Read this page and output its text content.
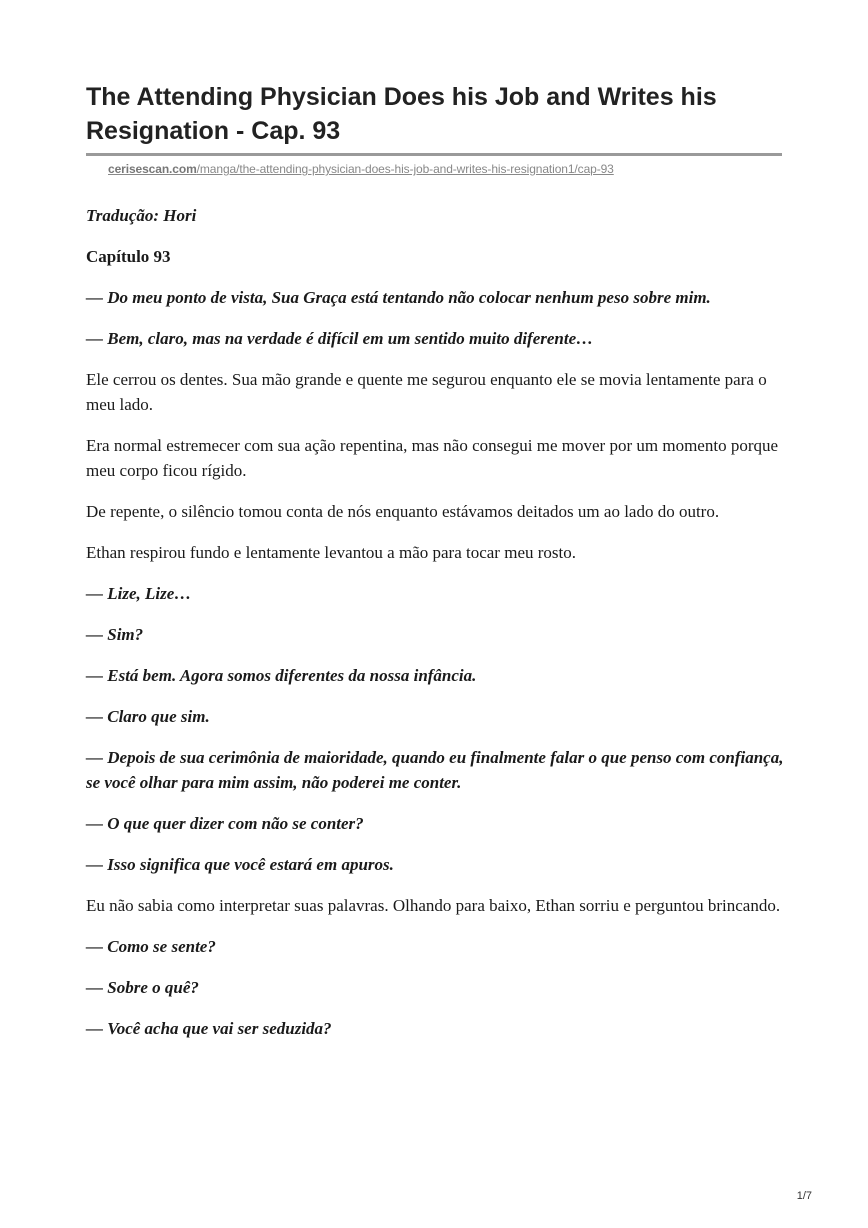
The Attending Physician Does his Job and Writes his Resignation - Cap. 93
cerisescan.com/manga/the-attending-physician-does-his-job-and-writes-his-resignation1/cap-93

Tradução: Hori

Capítulo 93

— Do meu ponto de vista, Sua Graça está tentando não colocar nenhum peso sobre mim.

— Bem, claro, mas na verdade é difícil em um sentido muito diferente…

Ele cerrou os dentes. Sua mão grande e quente me segurou enquanto ele se movia lentamente para o meu lado.

Era normal estremecer com sua ação repentina, mas não consegui me mover por um momento porque meu corpo ficou rígido.

De repente, o silêncio tomou conta de nós enquanto estávamos deitados um ao lado do outro.

Ethan respirou fundo e lentamente levantou a mão para tocar meu rosto.

— Lize, Lize…

— Sim?

— Está bem. Agora somos diferentes da nossa infância.

— Claro que sim.

— Depois de sua cerimônia de maioridade, quando eu finalmente falar o que penso com confiança, se você olhar para mim assim, não poderei me conter.

— O que quer dizer com não se conter?

— Isso significa que você estará em apuros.

Eu não sabia como interpretar suas palavras. Olhando para baixo, Ethan sorriu e perguntou brincando.

— Como se sente?

— Sobre o quê?

— Você acha que vai ser seduzida?

1/7
